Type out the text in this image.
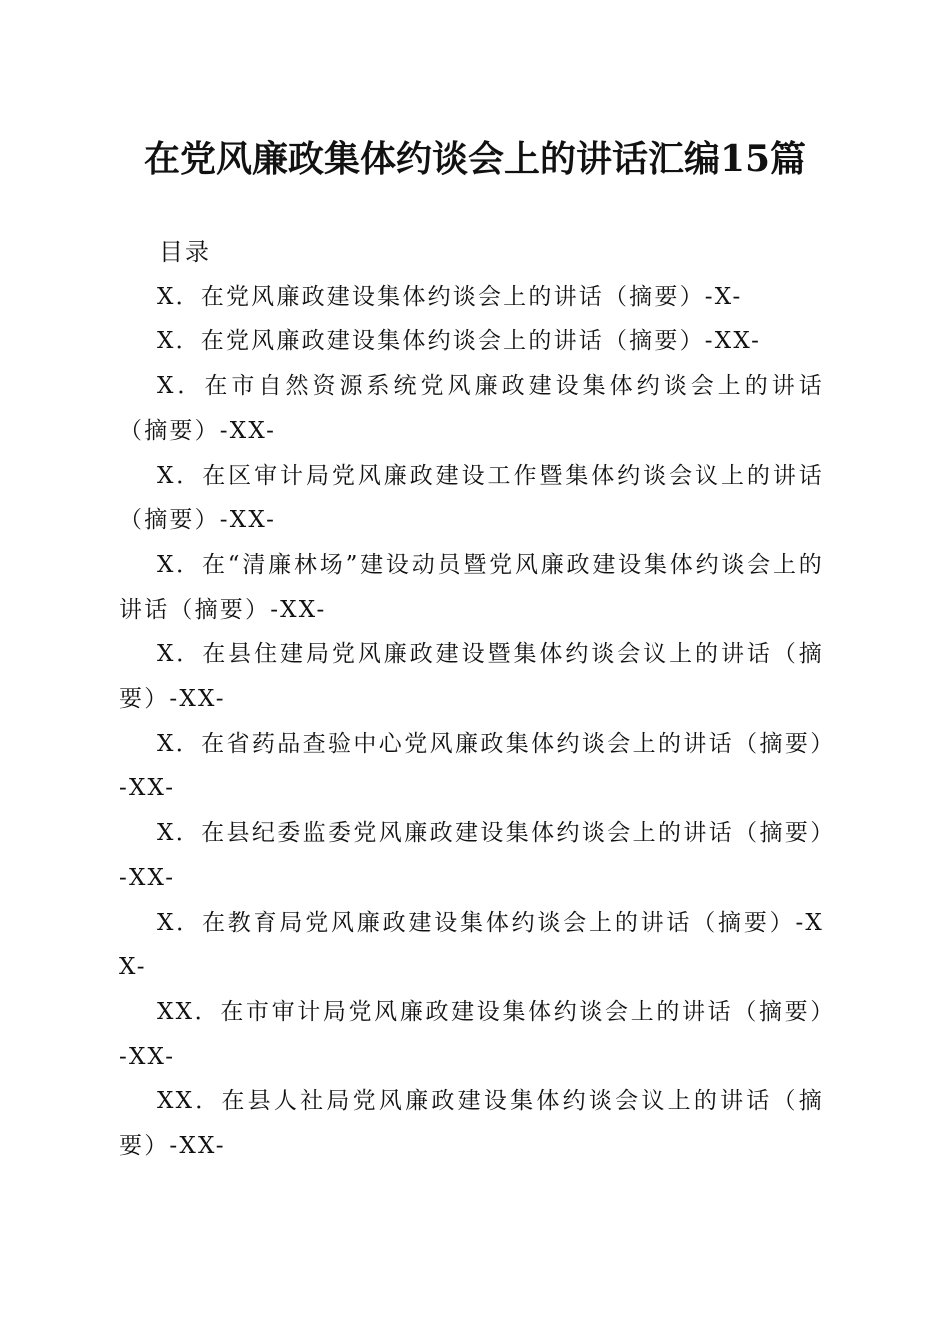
在党风廉政集体约谈会上的讲话汇编15篇

目录

X．在党风廉政建设集体约谈会上的讲话（摘要）-X-
X．在党风廉政建设集体约谈会上的讲话（摘要）-XX-
X．在市自然资源系统党风廉政建设集体约谈会上的讲话（摘要）-XX-
X．在区审计局党风廉政建设工作暨集体约谈会议上的讲话（摘要）-XX-
X．在“清廉林场”建设动员暨党风廉政建设集体约谈会上的讲话（摘要）-XX-
X．在县住建局党风廉政建设暨集体约谈会议上的讲话（摘要）-XX-
X．在省药品查验中心党风廉政集体约谈会上的讲话（摘要）-XX-
X．在县纪委监委党风廉政建设集体约谈会上的讲话（摘要）-XX-
X．在教育局党风廉政建设集体约谈会上的讲话（摘要）-XX-
XX．在市审计局党风廉政建设集体约谈会上的讲话（摘要）-XX-
XX．在县人社局党风廉政建设集体约谈会议上的讲话（摘要）-XX-
